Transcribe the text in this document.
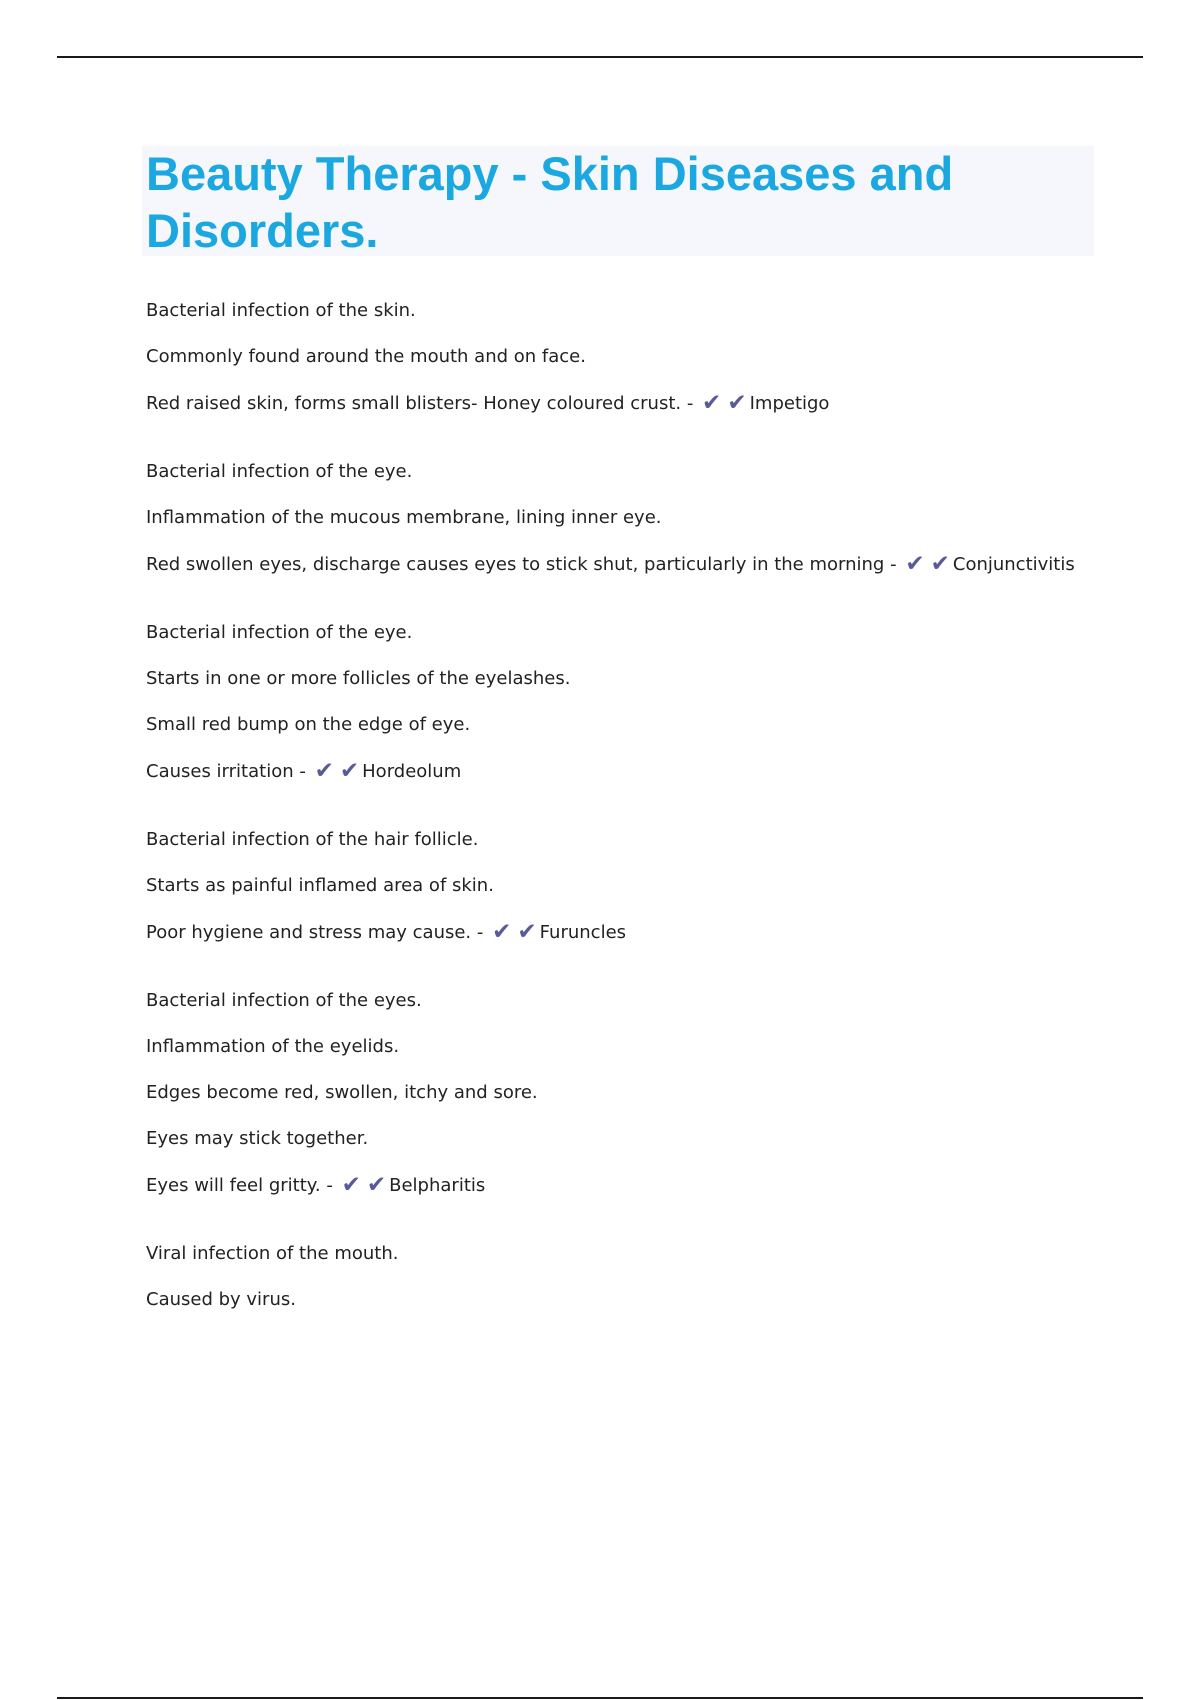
Beauty Therapy - Skin Diseases and Disorders.
Bacterial infection of the skin.
Commonly found around the mouth and on face.
Red raised skin, forms small blisters- Honey coloured crust. - ✔ ✔ Impetigo
Bacterial infection of the eye.
Inflammation of the mucous membrane, lining inner eye.
Red swollen eyes, discharge causes eyes to stick shut, particularly in the morning - ✔ ✔ Conjunctivitis
Bacterial infection of the eye.
Starts in one or more follicles of the eyelashes.
Small red bump on the edge of eye.
Causes irritation - ✔ ✔ Hordeolum
Bacterial infection of the hair follicle.
Starts as painful inflamed area of skin.
Poor hygiene and stress may cause. - ✔ ✔ Furuncles
Bacterial infection of the eyes.
Inflammation of the eyelids.
Edges become red, swollen, itchy and sore.
Eyes may stick together.
Eyes will feel gritty. - ✔ ✔ Belpharitis
Viral infection of the mouth.
Caused by virus.
